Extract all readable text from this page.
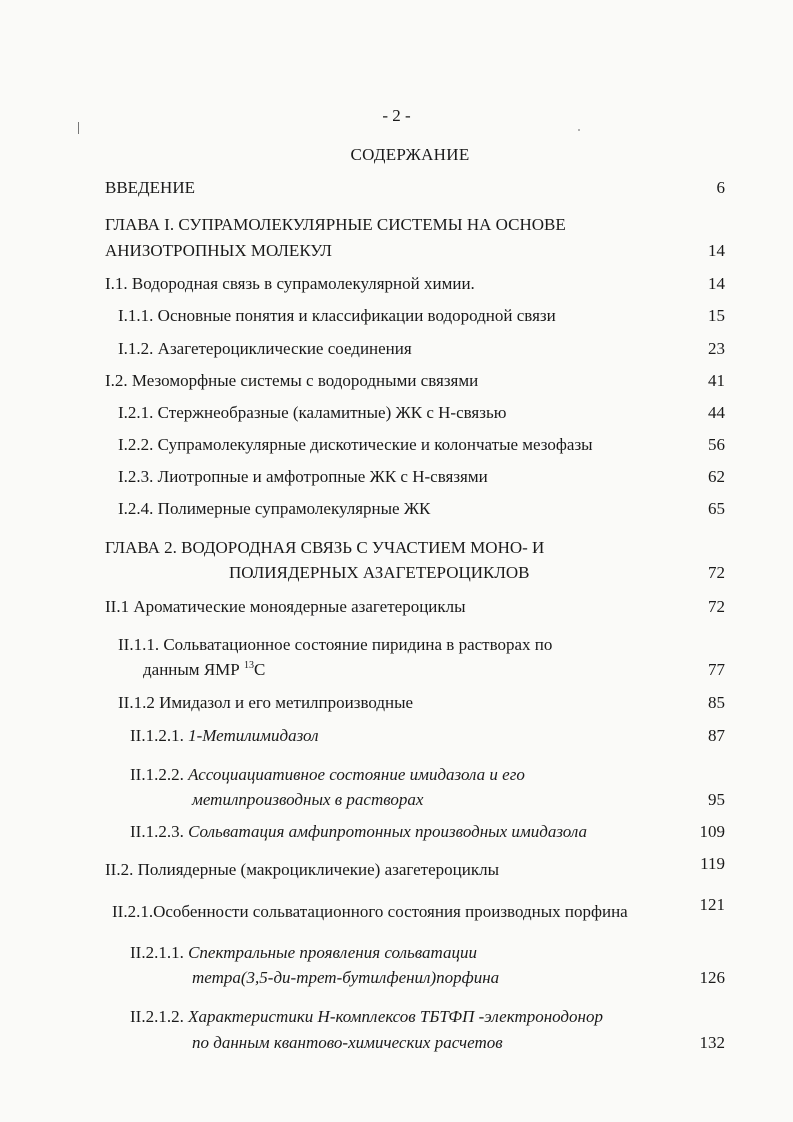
- 2 -
СОДЕРЖАНИЕ
ВВЕДЕНИЕ	6
ГЛАВА I. СУПРАМОЛЕКУЛЯРНЫЕ СИСТЕМЫ НА ОСНОВЕ
АНИЗОТРОПНЫХ МОЛЕКУЛ	14
I.1. Водородная связь в супрамолекулярной химии.	14
I.1.1. Основные понятия и классификации водородной связи	15
I.1.2. Азагетероциклические соединения	23
I.2. Мезоморфные системы с водородными связями	41
I.2.1. Стержнеобразные (каламитные) ЖК с Н-связью	44
I.2.2. Супрамолекулярные дискотические и колончатые мезофазы	56
I.2.3. Лиотропные и амфотропные ЖК с Н-связями	62
I.2.4. Полимерные супрамолекулярные ЖК	65
ГЛАВА 2. ВОДОРОДНАЯ СВЯЗЬ С УЧАСТИЕМ МОНО- И
ПОЛИЯДЕРНЫХ АЗАГЕТЕРОЦИКЛОВ	72
II.1 Ароматические моноядерные азагетероциклы	72
II.1.1. Сольватационное состояние пиридина в растворах по
данным ЯМР $^{13}$С	77
II.1.2 Имидазол и его метилпроизводные	85
II.1.2.1. 1-Метилимидазол	87
II.1.2.2. Ассоциациативное состояние имидазола и его
метилпроизводных в растворах	95
II.1.2.3. Сольватация амфипротонных производных имидазола	109
II.2. Полиядерные (макроцикличекие) азагетероциклы	119
II.2.1.Особенности сольватационного состояния производных порфина	121
II.2.1.1. Спектральные проявления сольватации
тетра(3,5-ди-трет-бутилфенил)порфина	126
II.2.1.2. Характеристики Н-комплексов ТБТФП -электронодонор
по данным квантово-химических расчетов	132
